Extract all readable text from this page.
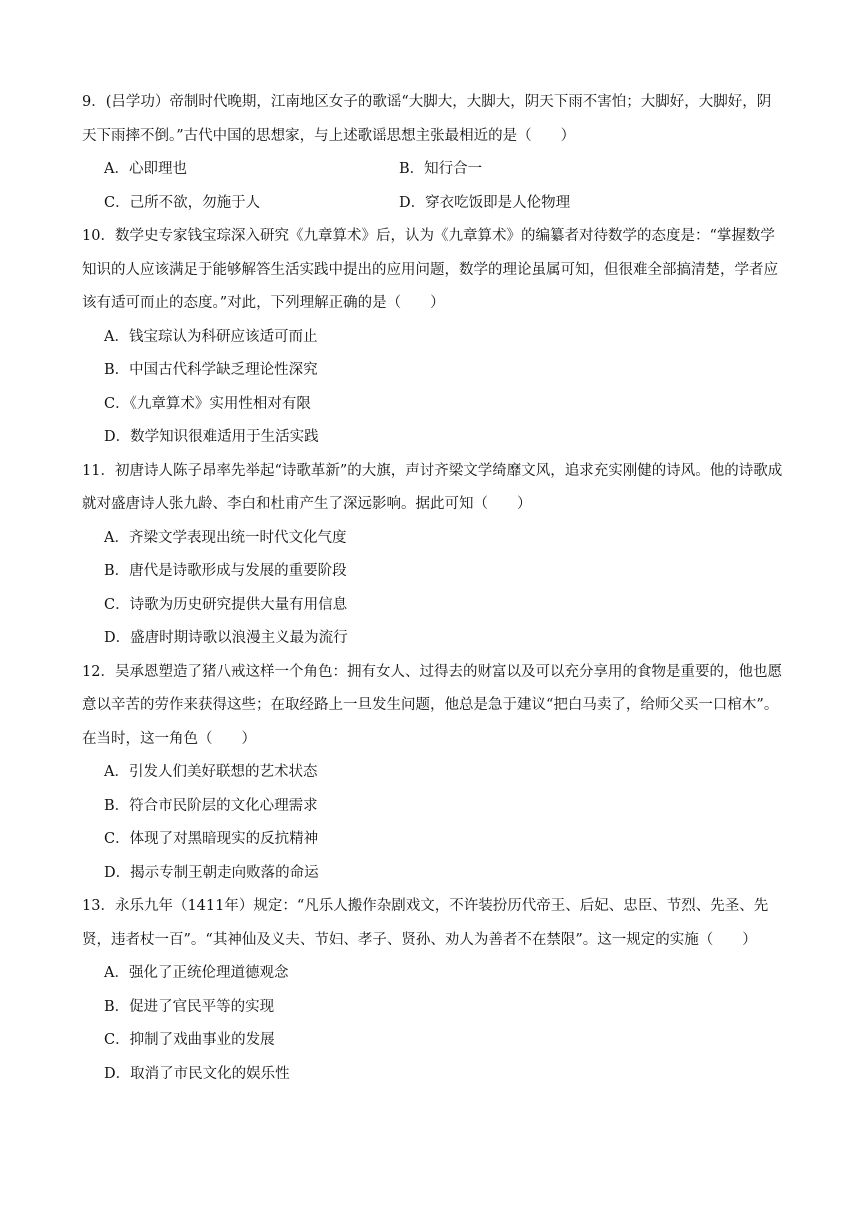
9．(吕学功）帝制时代晚期，江南地区女子的歌谣“大脚大，大脚大，阴天下雨不害怕；大脚好，大脚好，阴天下雨摔不倒。”古代中国的思想家，与上述歌谣思想主张最相近的是（　　）

A．心即理也	B．知行合一
C．己所不欲，勿施于人	D．穿衣吃饭即是人伦物理

10．数学史专家钱宝琮深入研究《九章算术》后，认为《九章算术》的编纂者对待数学的态度是：“掌握数学知识的人应该满足于能够解答生活实践中提出的应用问题，数学的理论虽属可知，但很难全部搞清楚，学者应该有适可而止的态度。”对此，下列理解正确的是（　　）

A．钱宝琮认为科研应该适可而止
B．中国古代科学缺乏理论性深究
C．《九章算术》实用性相对有限
D．数学知识很难适用于生活实践

11．初唐诗人陈子昂率先举起“诗歌革新”的大旗，声讨齐梁文学绮靡文风，追求充实刚健的诗风。他的诗歌成就对盛唐诗人张九龄、李白和杜甫产生了深远影响。据此可知（　　）

A．齐梁文学表现出统一时代文化气度
B．唐代是诗歌形成与发展的重要阶段
C．诗歌为历史研究提供大量有用信息
D．盛唐时期诗歌以浪漫主义最为流行

12．吴承恩塑造了猪八戒这样一个角色：拥有女人、过得去的财富以及可以充分享用的食物是重要的，他也愿意以辛苦的劳作来获得这些；在取经路上一旦发生问题，他总是急于建议“把白马卖了，给师父买一口棺木”。在当时，这一角色（　　）

A．引发人们美好联想的艺术状态
B．符合市民阶层的文化心理需求
C．体现了对黑暗现实的反抗精神
D．揭示专制王朝走向败落的命运

13．永乐九年（1411年）规定：“凡乐人搬作杂剧戏文，不许装扮历代帝王、后妃、忠臣、节烈、先圣、先贤，违者杖一百”。“其神仙及义夫、节妇、孝子、贤孙、劝人为善者不在禁限”。这一规定的实施（　　）

A．强化了正统伦理道德观念
B．促进了官民平等的实现
C．抑制了戏曲事业的发展
D．取消了市民文化的娱乐性
